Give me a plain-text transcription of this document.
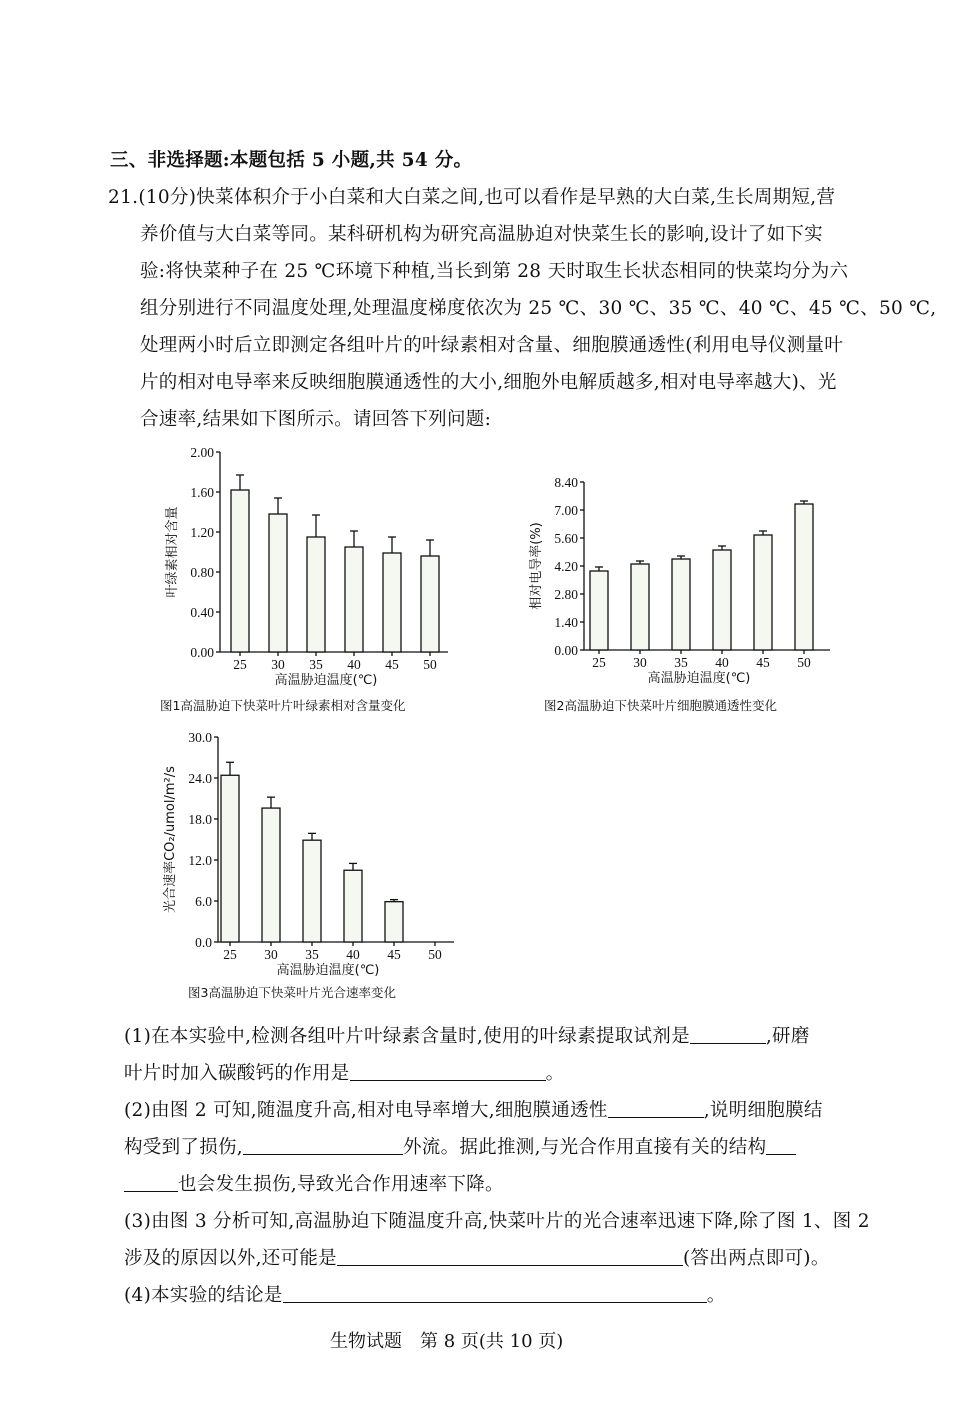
三、非选择题:本题包括 5 小题,共 54 分。
21.(10分)快菜体积介于小白菜和大白菜之间,也可以看作是早熟的大白菜,生长周期短,营
养价值与大白菜等同。某科研机构为研究高温胁迫对快菜生长的影响,设计了如下实
验:将快菜种子在 25 ℃环境下种植,当长到第 28 天时取生长状态相同的快菜均分为六
组分别进行不同温度处理,处理温度梯度依次为 25 ℃、30 ℃、35 ℃、40 ℃、45 ℃、50 ℃,
处理两小时后立即测定各组叶片的叶绿素相对含量、细胞膜通透性(利用电导仪测量叶
片的相对电导率来反映细胞膜通透性的大小,细胞外电解质越多,相对电导率越大)、光
合速率,结果如下图所示。请回答下列问题:
0.00
0.40
0.80
1.20
1.60
2.00
25 30 35 40 45 50
高温胁迫温度(℃)
叶绿素相对含量
图1高温胁迫下快菜叶片叶绿素相对含量变化
0.00
1.40
2.80
4.20
5.60
7.00
8.40
25 30 35 40 45 50
高温胁迫温度(℃)
相对电导率(%)
图2高温胁迫下快菜叶片细胞膜通透性变化
0.0
6.0
12.0
18.0
24.0
30.0
25 30 35 40 45 50
高温胁迫温度(℃)
光合速率CO₂/umol/m²/s
图3高温胁迫下快菜叶片光合速率变化
(1)在本实验中,检测各组叶片叶绿素含量时,使用的叶绿素提取试剂是	,研磨
叶片时加入碳酸钙的作用是	。
(2)由图 2 可知,随温度升高,相对电导率增大,细胞膜通透性	,说明细胞膜结
构受到了损伤,	外流。据此推测,与光合作用直接有关的结构
也会发生损伤,导致光合作用速率下降。
(3)由图 3 分析可知,高温胁迫下随温度升高,快菜叶片的光合速率迅速下降,除了图 1、图 2
涉及的原因以外,还可能是	(答出两点即可)。
(4)本实验的结论是	。
生物试题　第 8 页(共 10 页)
